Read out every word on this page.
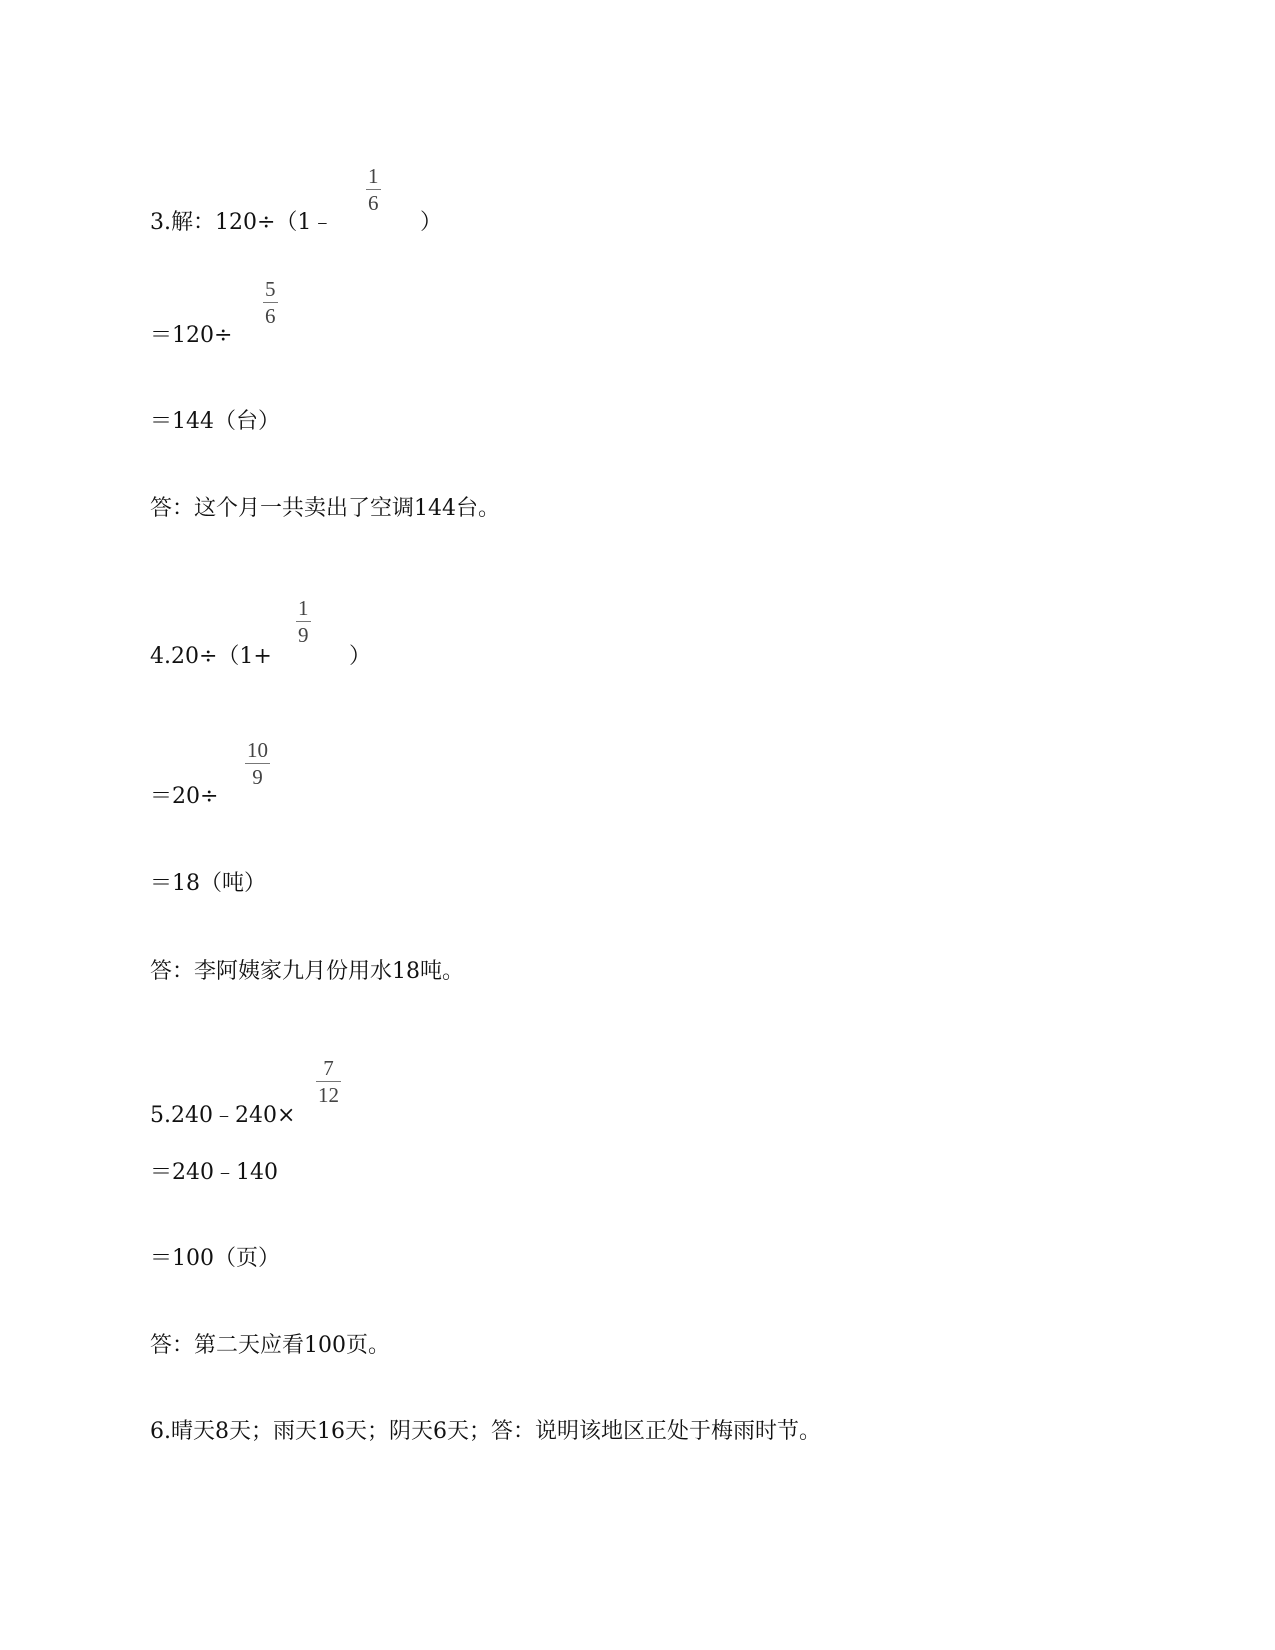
3.解：120÷（1﹣
1
6
）
＝120÷
5
6
＝144（台）
答：这个月一共卖出了空调144台。
4.20÷（1+
1
9
）
＝20÷
10
9
＝18（吨）
答：李阿姨家九月份用水18吨。
5.240﹣240×
7
12
＝240﹣140
＝100（页）
答：第二天应看100页。
6.晴天8天；雨天16天；阴天6天；答：说明该地区正处于梅雨时节。
